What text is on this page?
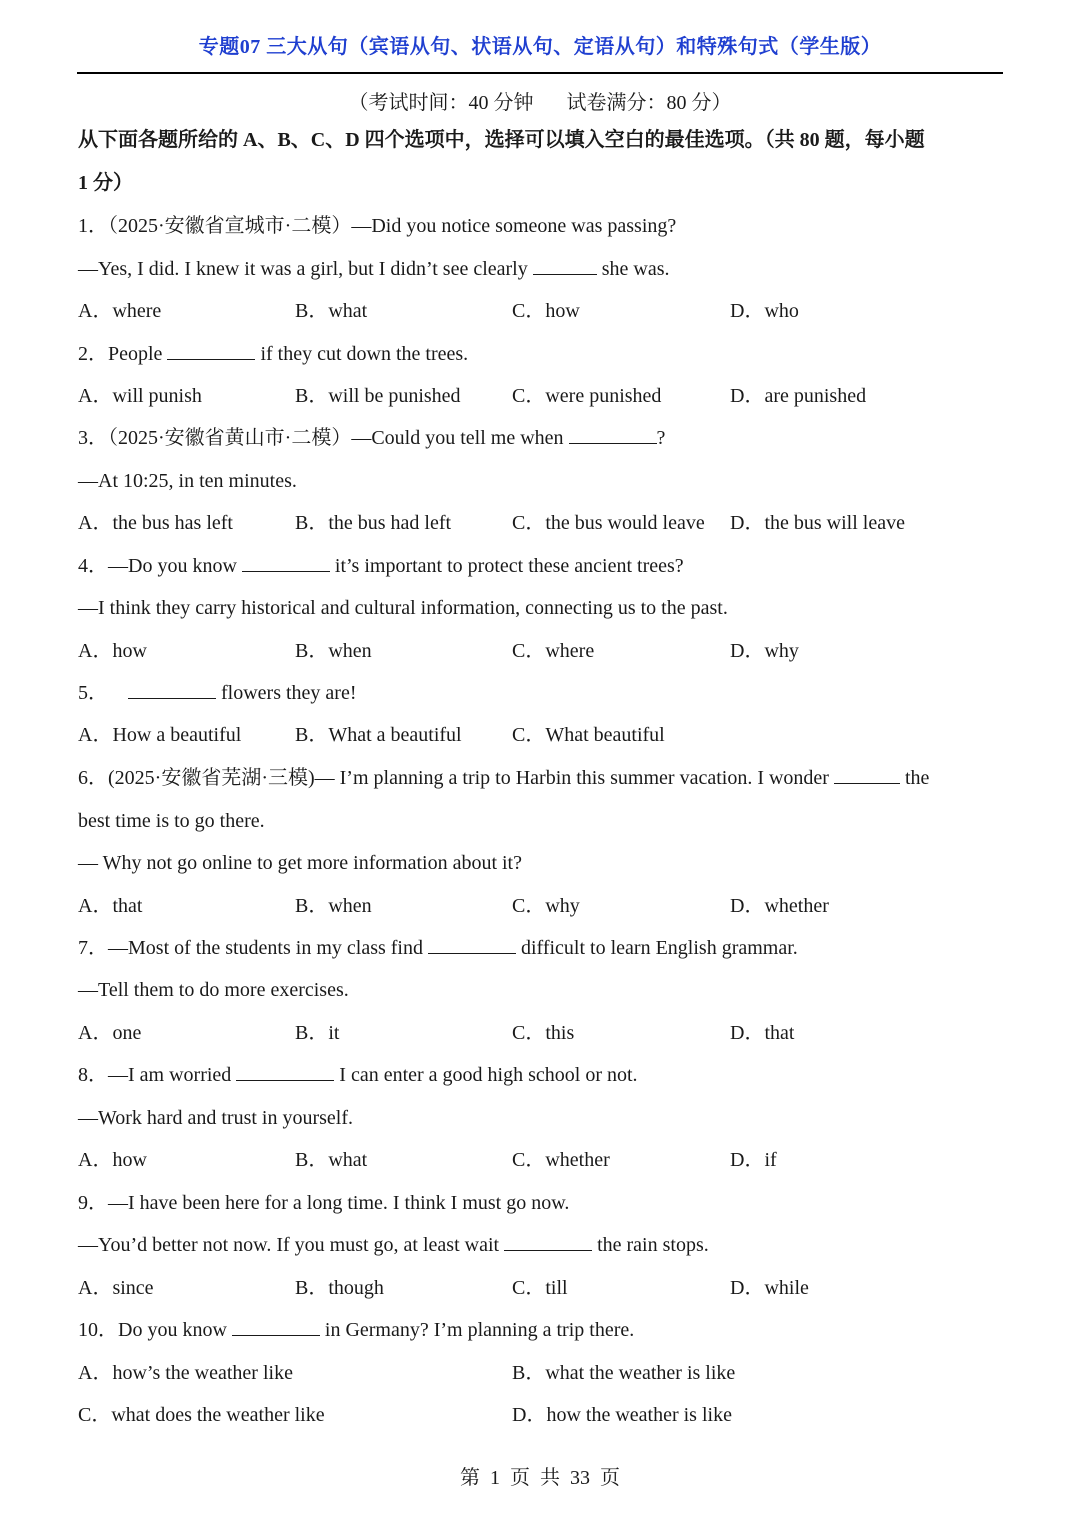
专题07 三大从句（宾语从句、状语从句、定语从句）和特殊句式（学生版）
（考试时间：40 分钟 试卷满分：80 分）
从下面各题所给的 A、B、C、D 四个选项中，选择可以填入空白的最佳选项。（共 80 题，每小题
1 分）
1．（2025·安徽省宣城市·二模）—Did you notice someone was passing?
—Yes, I did. I knew it was a girl, but I didn’t see clearly	she was.
A．where	B．what	C．how	D．who
2．People	if they cut down the trees.
A．will punish	B．will be punished	C．were punished	D．are punished
3．（2025·安徽省黄山市·二模）—Could you tell me when	?
—At 10:25, in ten minutes.
A．the bus has left	B．the bus had left	C．the bus would leave D．the bus will leave
4．—Do you know	it’s important to protect these ancient trees?
—I think they carry historical and cultural information, connecting us to the past.
A．how	B．when	C．where	D．why
5．	flowers they are!
A．How a beautiful	B．What a beautiful	C．What beautiful
6．(2025·安徽省芜湖·三模)— I’m planning a trip to Harbin this summer vacation. I wonder	the
best time is to go there.
— Why not go online to get more information about it?
A．that	B．when	C．why	D．whether
7．—Most of the students in my class find	difficult to learn English grammar.
—Tell them to do more exercises.
A．one	B．it	C．this	D．that
8．—I am worried	I can enter a good high school or not.
—Work hard and trust in yourself.
A．how	B．what	C．whether	D．if
9．—I have been here for a long time. I think I must go now.
—You’d better not now. If you must go, at least wait	the rain stops.
A．since	B．though	C．till	D．while
10．Do you know	in Germany? I’m planning a trip there.
A．how’s the weather like	B．what the weather is like
C．what does the weather like	D．how the weather is like
第 1 页 共 33 页
